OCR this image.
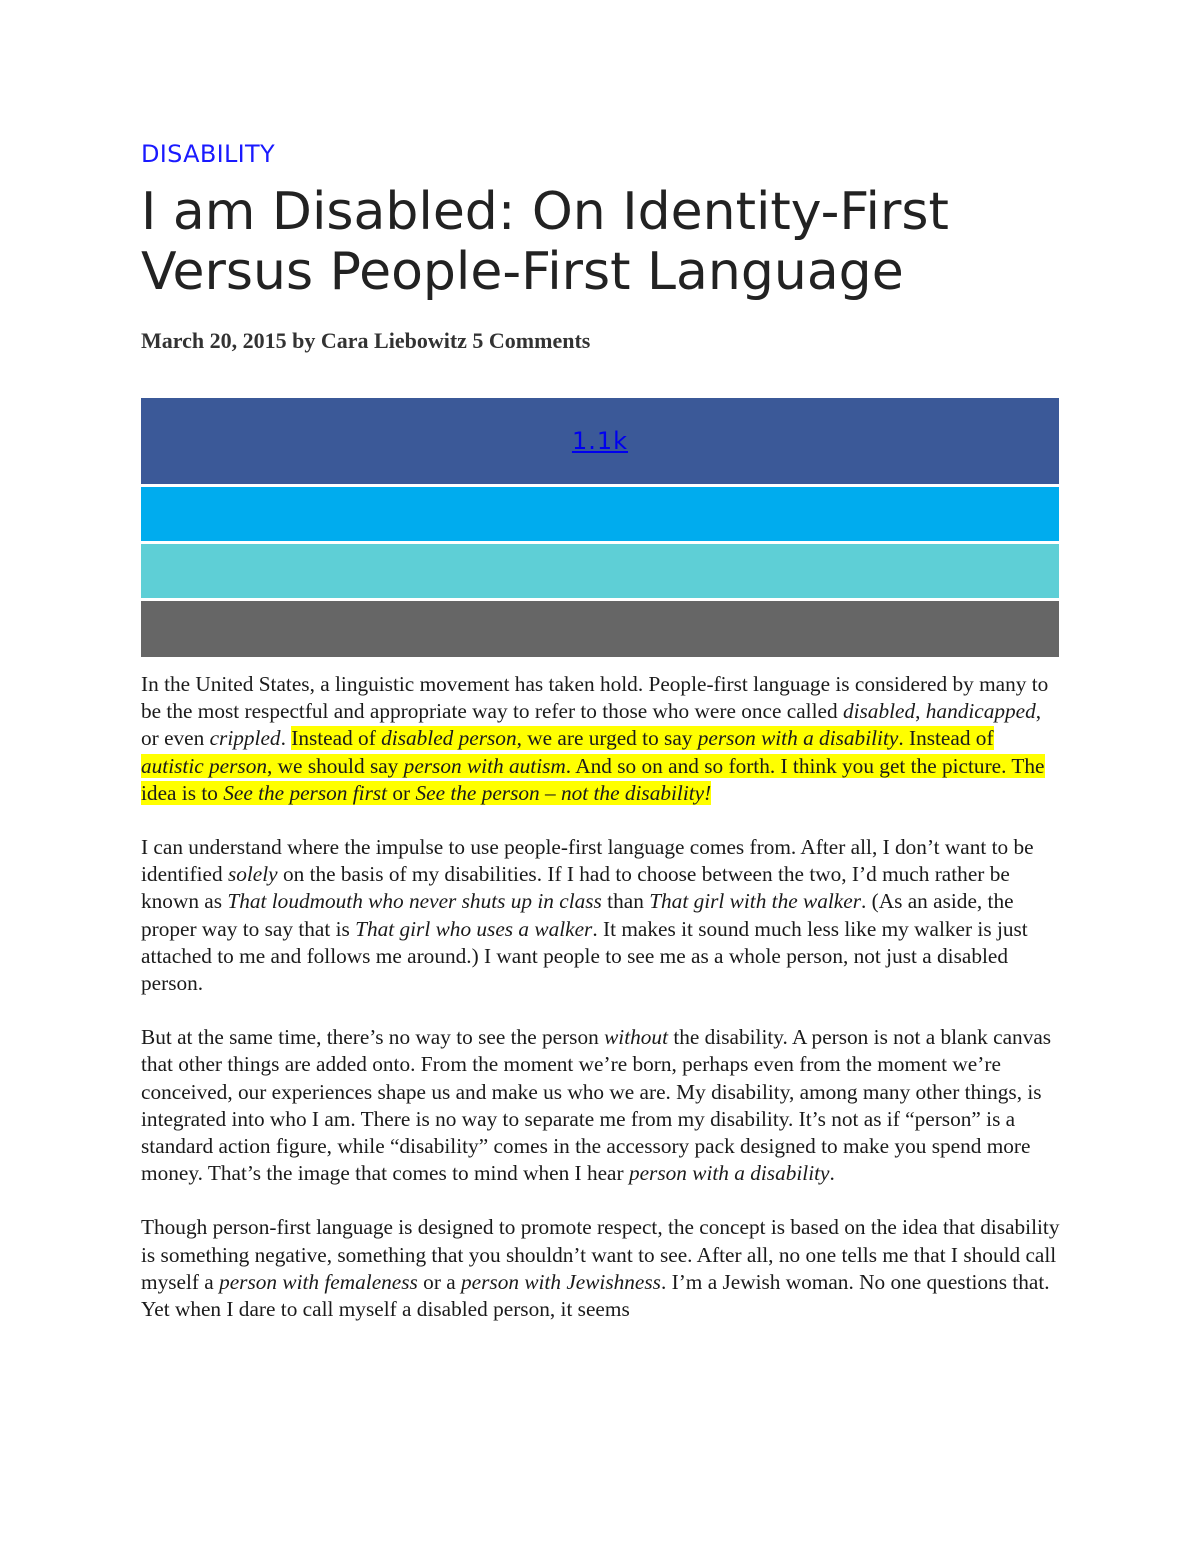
DISABILITY
I am Disabled: On Identity-First Versus People-First Language
March 20, 2015 by Cara Liebowitz 5 Comments
1.1k

In the United States, a linguistic movement has taken hold. People-first language is considered by many to be the most respectful and appropriate way to refer to those who were once called disabled, handicapped, or even crippled. Instead of disabled person, we are urged to say person with a disability. Instead of autistic person, we should say person with autism. And so on and so forth. I think you get the picture. The idea is to See the person first or See the person – not the disability!

I can understand where the impulse to use people-first language comes from. After all, I don’t want to be identified solely on the basis of my disabilities. If I had to choose between the two, I’d much rather be known as That loudmouth who never shuts up in class than That girl with the walker. (As an aside, the proper way to say that is That girl who uses a walker. It makes it sound much less like my walker is just attached to me and follows me around.) I want people to see me as a whole person, not just a disabled person.

But at the same time, there’s no way to see the person without the disability. A person is not a blank canvas that other things are added onto. From the moment we’re born, perhaps even from the moment we’re conceived, our experiences shape us and make us who we are. My disability, among many other things, is integrated into who I am. There is no way to separate me from my disability. It’s not as if “person” is a standard action figure, while “disability” comes in the accessory pack designed to make you spend more money. That’s the image that comes to mind when I hear person with a disability.

Though person-first language is designed to promote respect, the concept is based on the idea that disability is something negative, something that you shouldn’t want to see. After all, no one tells me that I should call myself a person with femaleness or a person with Jewishness. I’m a Jewish woman. No one questions that. Yet when I dare to call myself a disabled person, it seems
